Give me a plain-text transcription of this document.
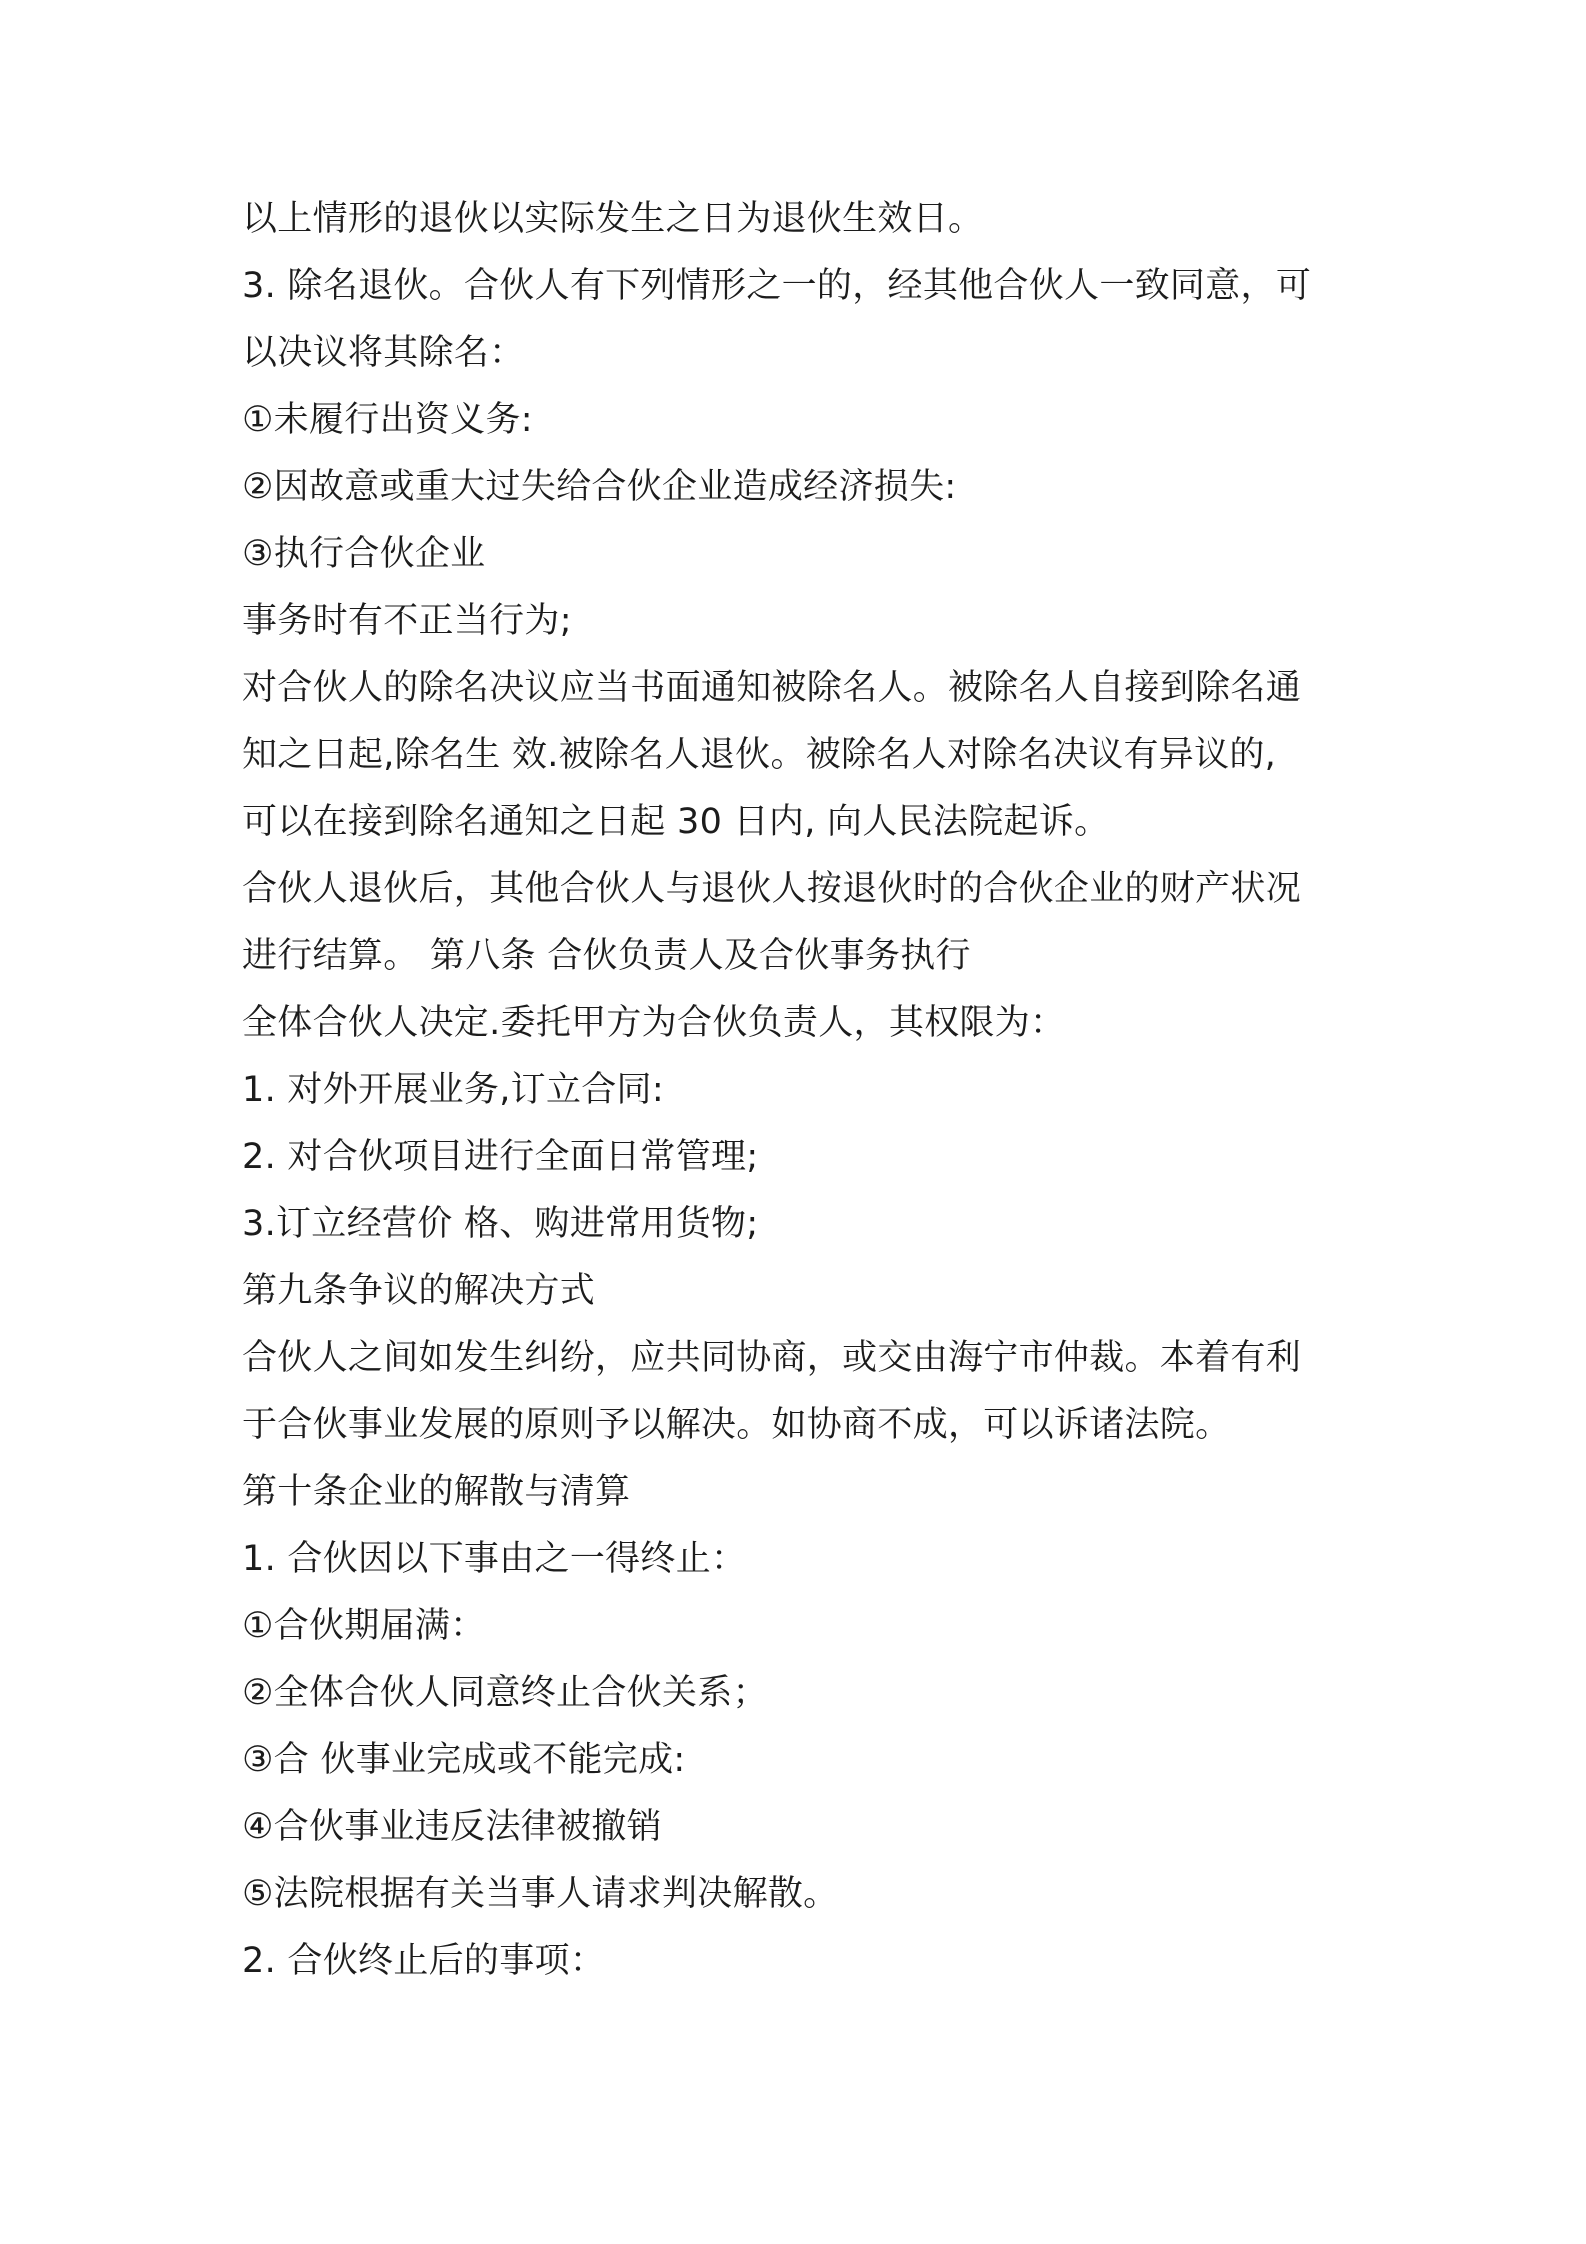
以上情形的退伙以实际发生之日为退伙生效日。
3. 除名退伙。合伙人有下列情形之一的，经其他合伙人一致同意，可
以决议将其除名：
①未履行出资义务:
②因故意或重大过失给合伙企业造成经济损失:
③执行合伙企业
事务时有不正当行为;
对合伙人的除名决议应当书面通知被除名人。被除名人自接到除名通
知之日起,除名生 效.被除名人退伙。被除名人对除名决议有异议的,
可以在接到除名通知之日起 30 日内, 向人民法院起诉。
合伙人退伙后，其他合伙人与退伙人按退伙时的合伙企业的财产状况
进行结算。 第八条 合伙负责人及合伙事务执行
全体合伙人决定.委托甲方为合伙负责人，其权限为：
1. 对外开展业务,订立合同:
2. 对合伙项目进行全面日常管理;
3.订立经营价 格、购进常用货物;
第九条争议的解决方式
合伙人之间如发生纠纷，应共同协商，或交由海宁市仲裁。本着有利
于合伙事业发展的原则予以解决。如协商不成，可以诉诸法院。
第十条企业的解散与清算
1. 合伙因以下事由之一得终止：
①合伙期届满：
②全体合伙人同意终止合伙关系；
③合 伙事业完成或不能完成:
④合伙事业违反法律被撤销
⑤法院根据有关当事人请求判决解散。
2. 合伙终止后的事项：
